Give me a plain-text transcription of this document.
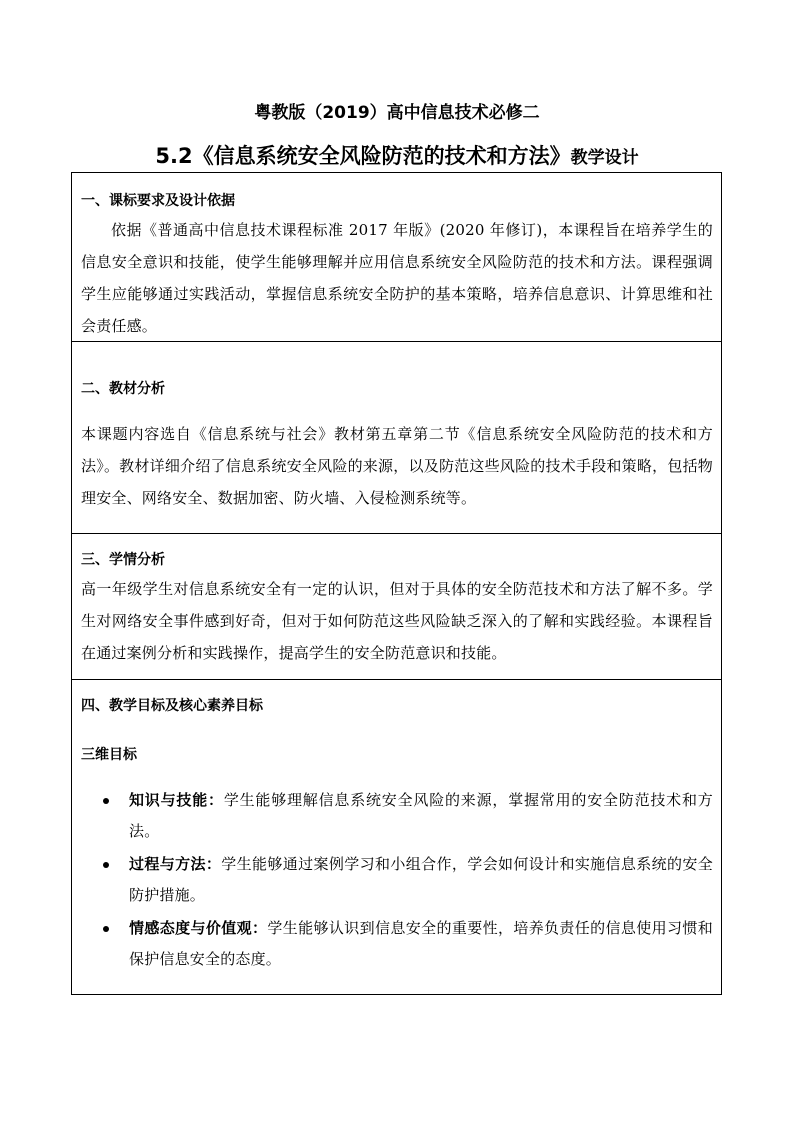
粤教版（2019）高中信息技术必修二
5.2《信息系统安全风险防范的技术和方法》教学设计
一、课标要求及设计依据
依据《普通高中信息技术课程标准 2017 年版》(2020 年修订)，本课程旨在培养学生的信息安全意识和技能，使学生能够理解并应用信息系统安全风险防范的技术和方法。课程强调学生应能够通过实践活动，掌握信息系统安全防护的基本策略，培养信息意识、计算思维和社会责任感。
二、教材分析
本课题内容选自《信息系统与社会》教材第五章第二节《信息系统安全风险防范的技术和方法》。教材详细介绍了信息系统安全风险的来源，以及防范这些风险的技术手段和策略，包括物理安全、网络安全、数据加密、防火墙、入侵检测系统等。
三、学情分析
高一年级学生对信息系统安全有一定的认识，但对于具体的安全防范技术和方法了解不多。学生对网络安全事件感到好奇，但对于如何防范这些风险缺乏深入的了解和实践经验。本课程旨在通过案例分析和实践操作，提高学生的安全防范意识和技能。
四、教学目标及核心素养目标
三维目标
知识与技能：学生能够理解信息系统安全风险的来源，掌握常用的安全防范技术和方法。
过程与方法：学生能够通过案例学习和小组合作，学会如何设计和实施信息系统的安全防护措施。
情感态度与价值观：学生能够认识到信息安全的重要性，培养负责任的信息使用习惯和保护信息安全的态度。
